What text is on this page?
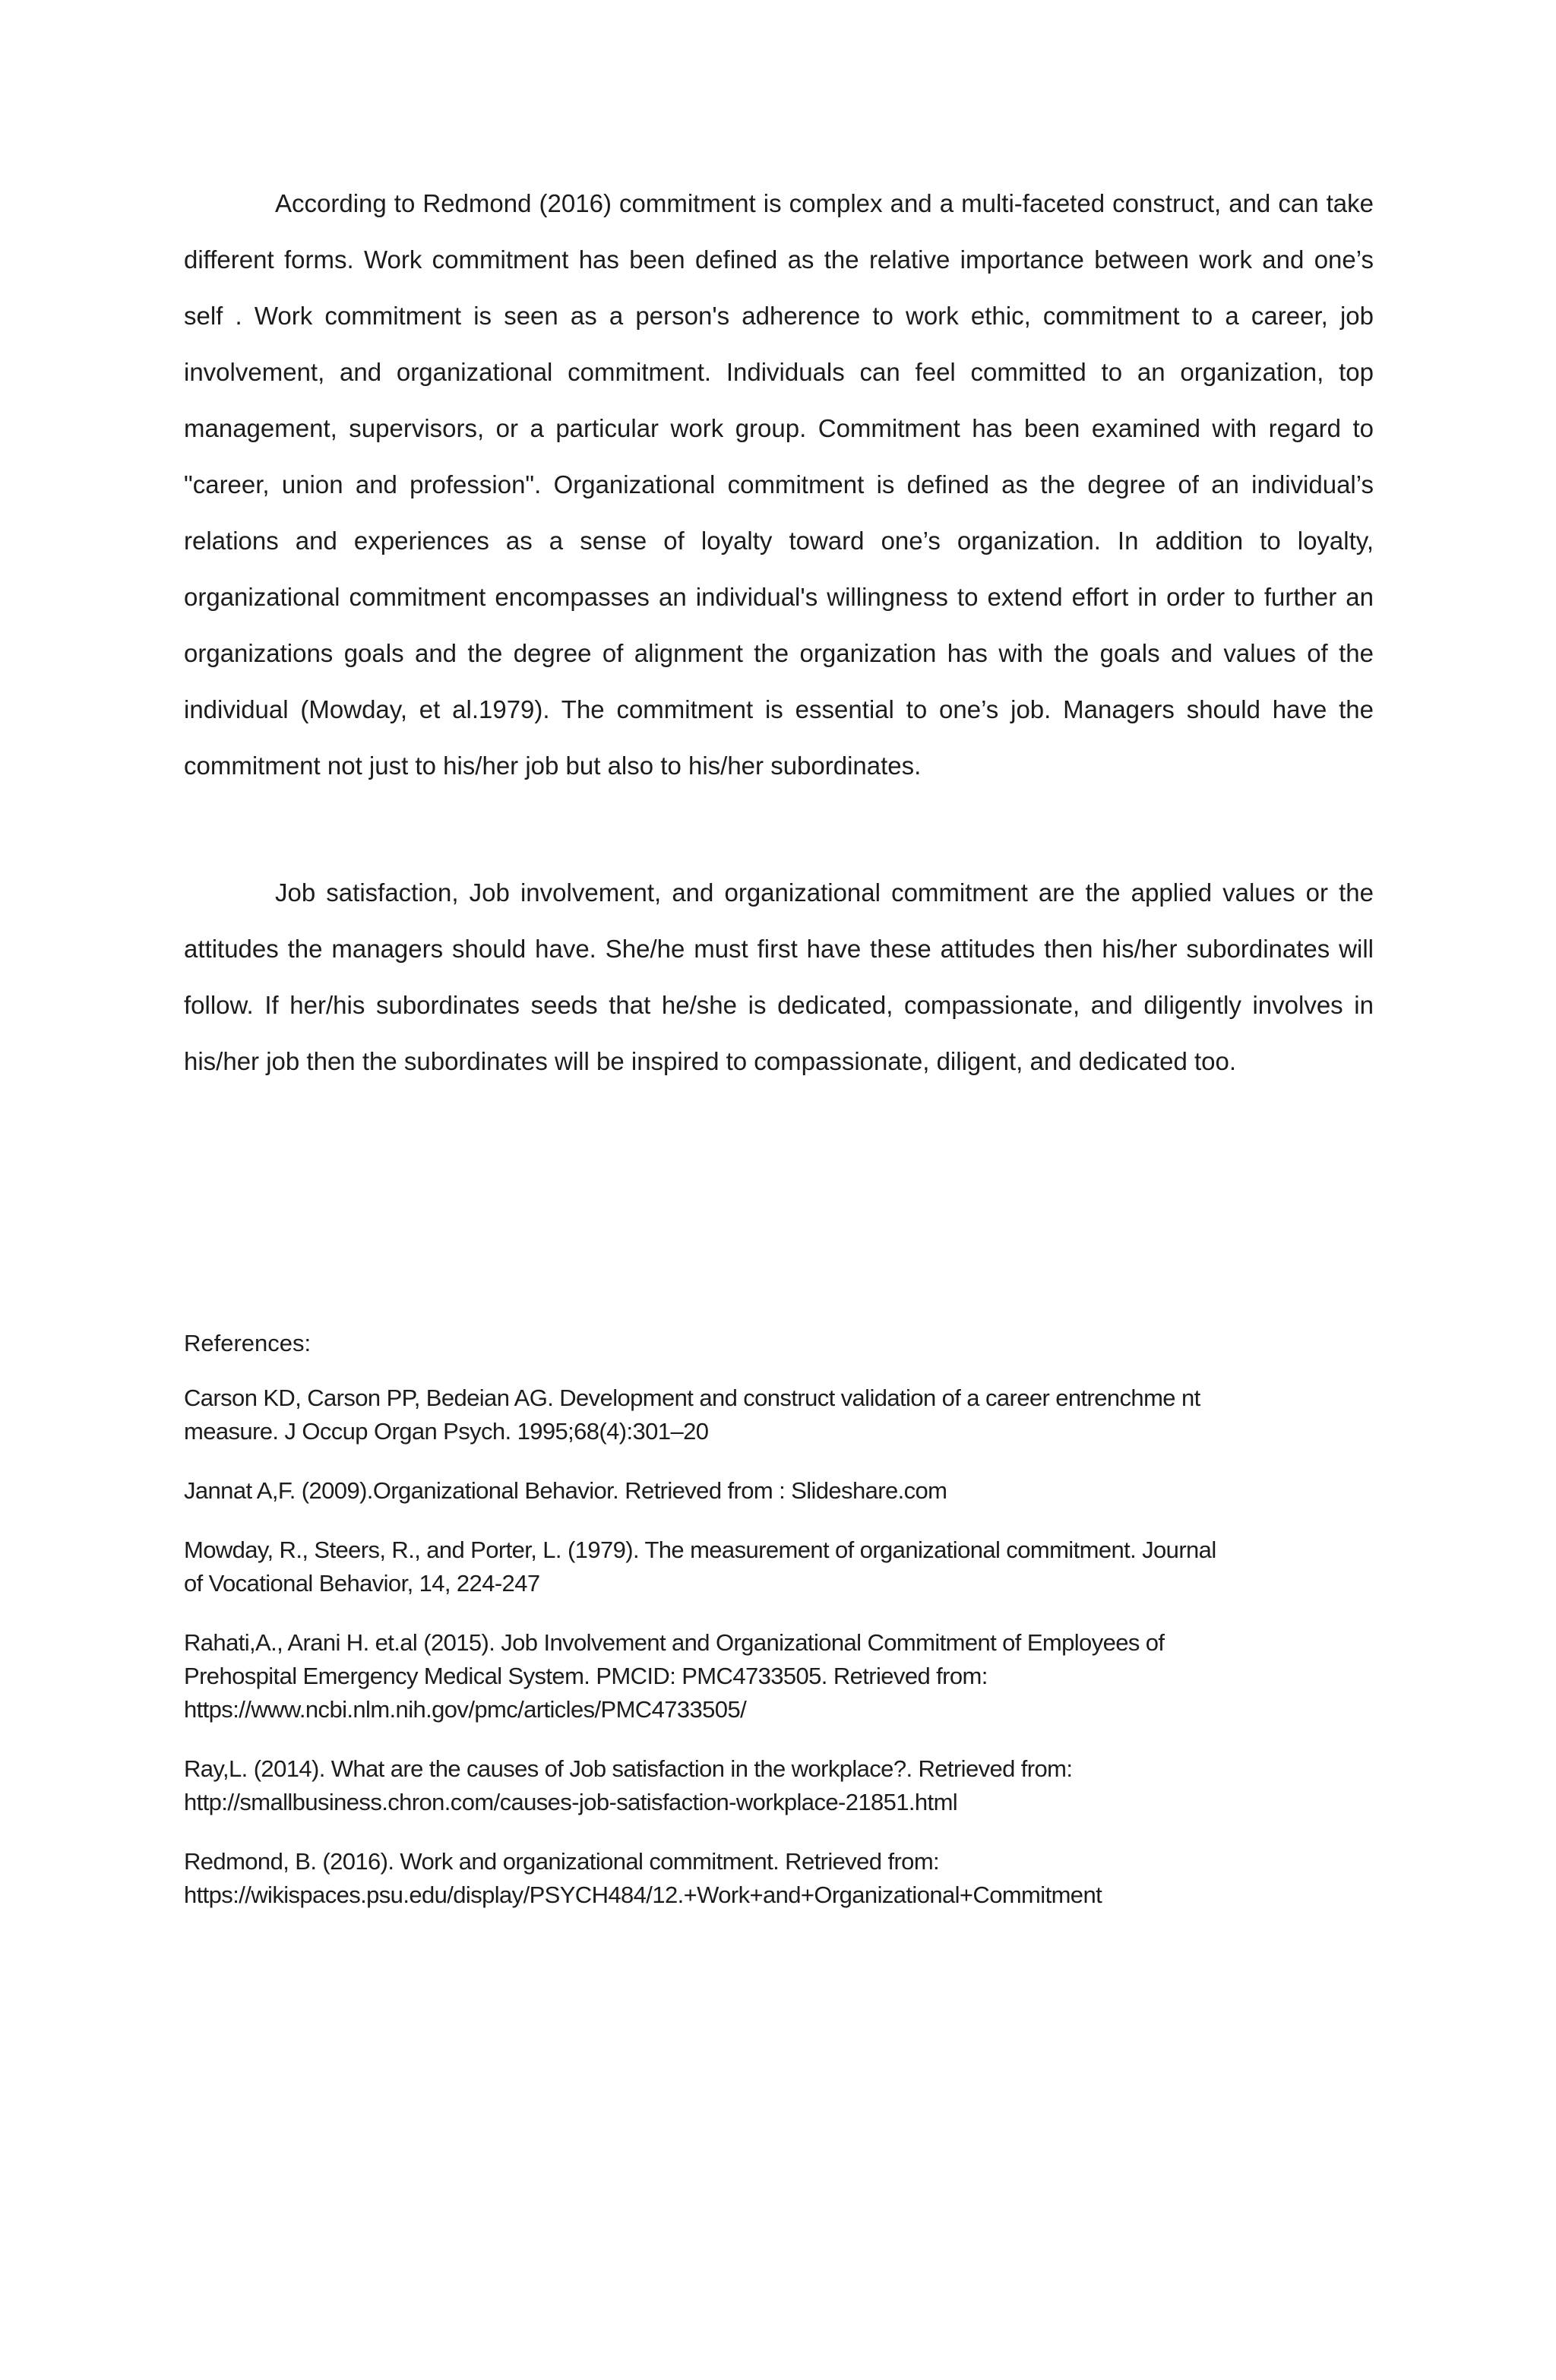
According to Redmond (2016) commitment is complex and a multi-faceted construct, and can take different forms. Work commitment has been defined as the relative importance between work and one’s self . Work commitment is seen as a person's adherence to work ethic, commitment to a career, job involvement, and organizational commitment. Individuals can feel committed to an organization, top management, supervisors, or a particular work group. Commitment has been examined with regard to "career, union and profession". Organizational commitment is defined as the degree of an individual’s relations and experiences as a sense of loyalty toward one’s organization. In addition to loyalty, organizational commitment encompasses an individual's willingness to extend effort in order to further an organizations goals and the degree of alignment the organization has with the goals and values of the individual (Mowday, et al.1979). The commitment is essential to one’s job. Managers should have the commitment not just to his/her job but also to his/her subordinates.

Job satisfaction, Job involvement, and organizational commitment are the applied values or the attitudes the managers should have. She/he must first have these attitudes then his/her subordinates will follow. If her/his subordinates seeds that he/she is dedicated, compassionate, and diligently involves in his/her job then the subordinates will be inspired to compassionate, diligent, and dedicated too.

References:

Carson KD, Carson PP, Bedeian AG. Development and construct validation of a career entrenchme nt
measure. J Occup Organ Psych. 1995;68(4):301–20
Jannat A,F. (2009).Organizational Behavior. Retrieved from : Slideshare.com
Mowday, R., Steers, R., and Porter, L. (1979). The measurement of organizational commitment. Journal
of Vocational Behavior, 14, 224-247
Rahati,A., Arani H. et.al (2015). Job Involvement and Organizational Commitment of Employees of
Prehospital Emergency Medical System. PMCID: PMC4733505. Retrieved from:
https://www.ncbi.nlm.nih.gov/pmc/articles/PMC4733505/
Ray,L. (2014). What are the causes of Job satisfaction in the workplace?. Retrieved from:
http://smallbusiness.chron.com/causes-job-satisfaction-workplace-21851.html
Redmond, B. (2016). Work and organizational commitment. Retrieved from:
https://wikispaces.psu.edu/display/PSYCH484/12.+Work+and+Organizational+Commitment
